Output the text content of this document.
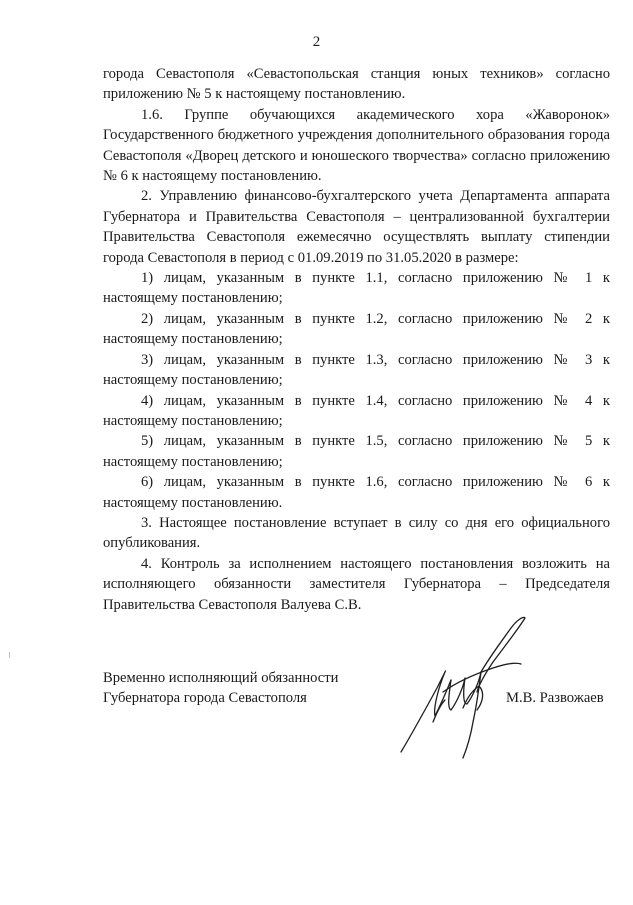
2

города Севастополя «Севастопольская станция юных техников» согласно приложению № 5 к настоящему постановлению.

1.6. Группе обучающихся академического хора «Жаворонок» Государственного бюджетного учреждения дополнительного образования города Севастополя «Дворец детского и юношеского творчества» согласно приложению № 6 к настоящему постановлению.

2. Управлению финансово-бухгалтерского учета Департамента аппарата Губернатора и Правительства Севастополя – централизованной бухгалтерии Правительства Севастополя ежемесячно осуществлять выплату стипендии города Севастополя в период с 01.09.2019 по 31.05.2020 в размере:

1) лицам, указанным в пункте 1.1, согласно приложению № 1 к настоящему постановлению;

2) лицам, указанным в пункте 1.2, согласно приложению № 2 к настоящему постановлению;

3) лицам, указанным в пункте 1.3, согласно приложению № 3 к настоящему постановлению;

4) лицам, указанным в пункте 1.4, согласно приложению № 4 к настоящему постановлению;

5) лицам, указанным в пункте 1.5, согласно приложению № 5 к настоящему постановлению;

6) лицам, указанным в пункте 1.6, согласно приложению № 6 к настоящему постановлению.

3. Настоящее постановление вступает в силу со дня его официального опубликования.

4. Контроль за исполнением настоящего постановления возложить на исполняющего обязанности заместителя Губернатора – Председателя Правительства Севастополя Валуева С.В.

Временно исполняющий обязанности
Губернатора города Севастополя	М.В. Развожаев
